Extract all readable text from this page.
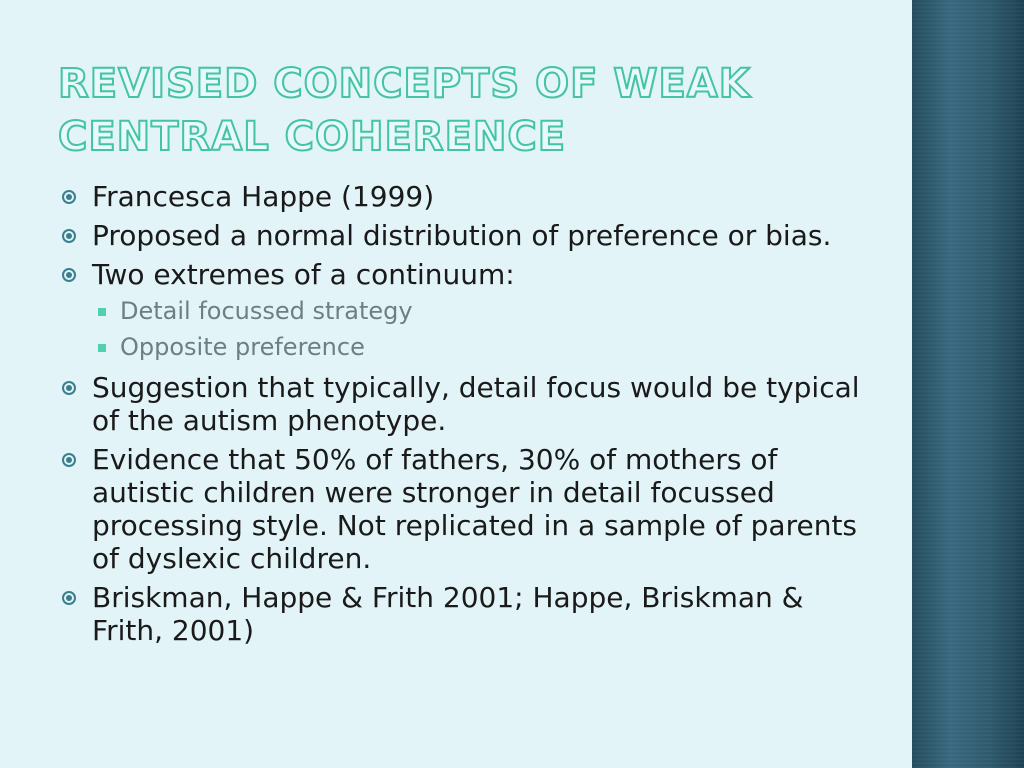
REVISED CONCEPTS OF WEAK CENTRAL COHERENCE
Francesca Happe (1999)
Proposed a normal distribution of preference or bias.
Two extremes of a continuum:
Detail focussed strategy
Opposite preference
Suggestion that typically, detail focus would be typical of the autism phenotype.
Evidence that 50% of fathers, 30% of mothers of autistic children were stronger in detail focussed processing style. Not replicated in a sample of parents of dyslexic children.
Briskman, Happe & Frith 2001; Happe, Briskman & Frith, 2001)
